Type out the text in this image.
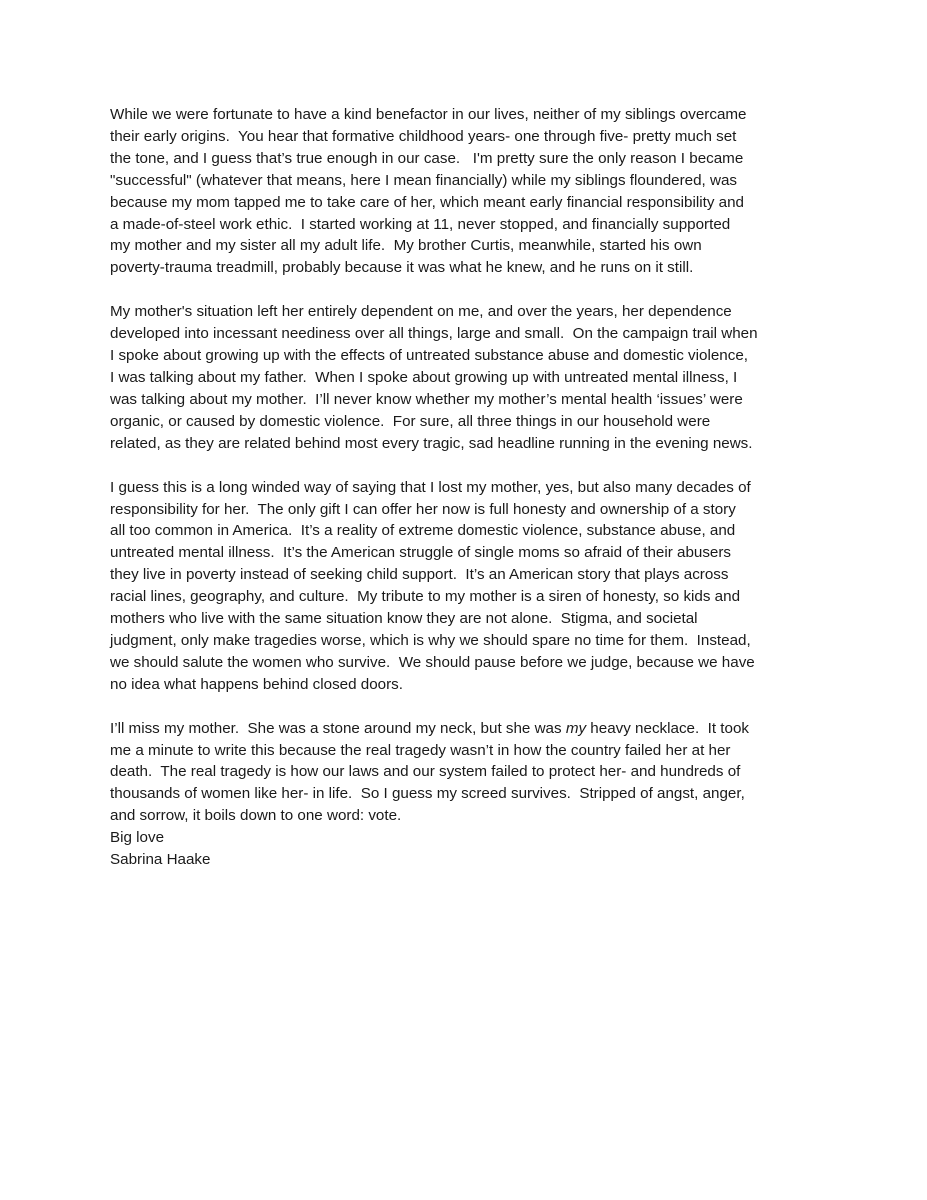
While we were fortunate to have a kind benefactor in our lives, neither of my siblings overcame
their early origins.  You hear that formative childhood years- one through five- pretty much set
the tone, and I guess that’s true enough in our case.   I'm pretty sure the only reason I became
"successful" (whatever that means, here I mean financially) while my siblings floundered, was
because my mom tapped me to take care of her, which meant early financial responsibility and
a made-of-steel work ethic.  I started working at 11, never stopped, and financially supported
my mother and my sister all my adult life.  My brother Curtis, meanwhile, started his own
poverty-trauma treadmill, probably because it was what he knew, and he runs on it still.
My mother's situation left her entirely dependent on me, and over the years, her dependence
developed into incessant neediness over all things, large and small.  On the campaign trail when
I spoke about growing up with the effects of untreated substance abuse and domestic violence,
I was talking about my father.  When I spoke about growing up with untreated mental illness, I
was talking about my mother.  I’ll never know whether my mother’s mental health ‘issues’ were
organic, or caused by domestic violence.  For sure, all three things in our household were
related, as they are related behind most every tragic, sad headline running in the evening news.
I guess this is a long winded way of saying that I lost my mother, yes, but also many decades of
responsibility for her.  The only gift I can offer her now is full honesty and ownership of a story
all too common in America.  It’s a reality of extreme domestic violence, substance abuse, and
untreated mental illness.  It’s the American struggle of single moms so afraid of their abusers
they live in poverty instead of seeking child support.  It’s an American story that plays across
racial lines, geography, and culture.  My tribute to my mother is a siren of honesty, so kids and
mothers who live with the same situation know they are not alone.  Stigma, and societal
judgment, only make tragedies worse, which is why we should spare no time for them.  Instead,
we should salute the women who survive.  We should pause before we judge, because we have
no idea what happens behind closed doors.
I’ll miss my mother.  She was a stone around my neck, but she was my heavy necklace.  It took
me a minute to write this because the real tragedy wasn’t in how the country failed her at her
death.  The real tragedy is how our laws and our system failed to protect her- and hundreds of
thousands of women like her- in life.  So I guess my screed survives.  Stripped of angst, anger,
and sorrow, it boils down to one word: vote.
Big love
Sabrina Haake
